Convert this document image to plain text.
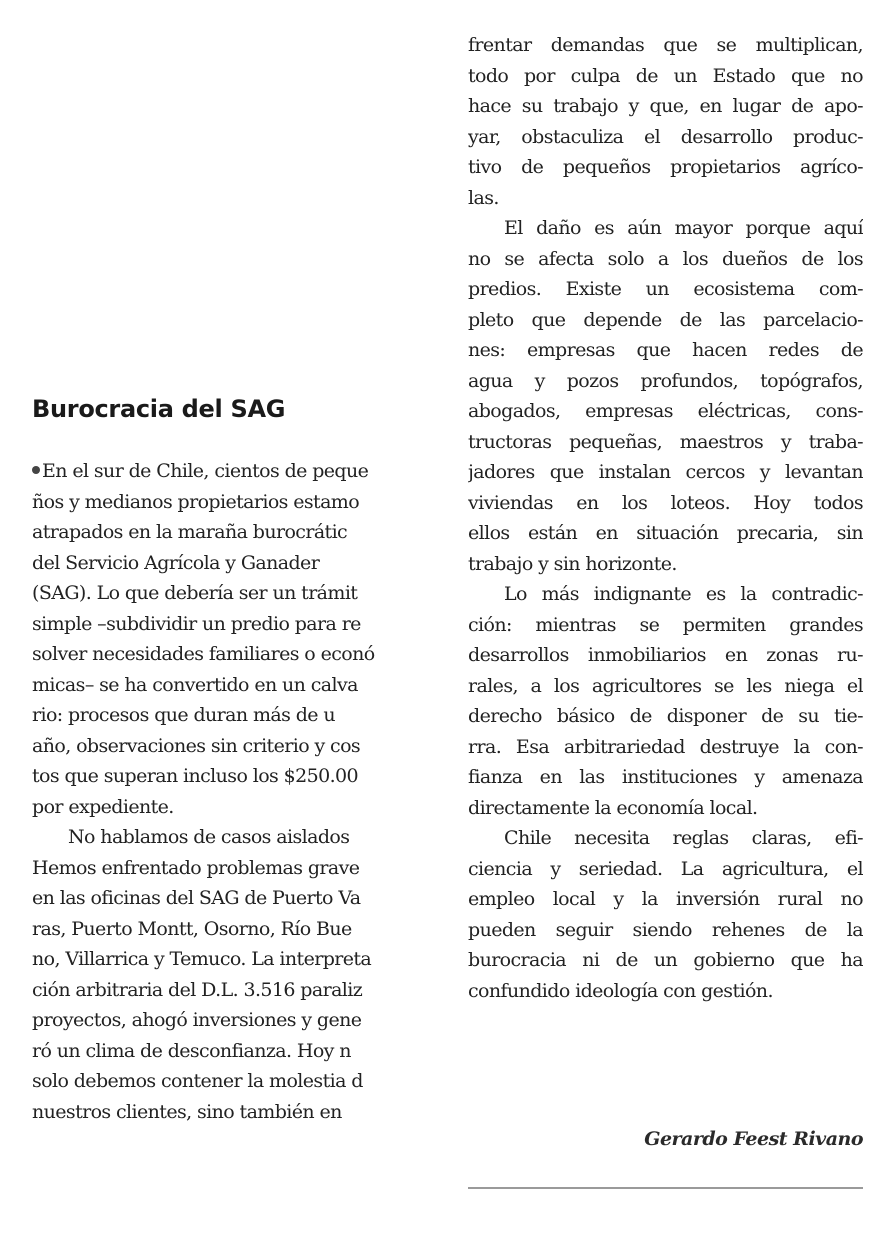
Burocracia del SAG
En el sur de Chile, cientos de peque
ños y medianos propietarios estamo
atrapados en la maraña burocrátic
del Servicio Agrícola y Ganader
(SAG). Lo que debería ser un trámit
simple –subdividir un predio para re
solver necesidades familiares o econó
micas– se ha convertido en un calva
rio: procesos que duran más de u
año, observaciones sin criterio y cos
tos que superan incluso los $250.00
por expediente.
No hablamos de casos aislados
Hemos enfrentado problemas grave
en las oficinas del SAG de Puerto Va
ras, Puerto Montt, Osorno, Río Bue
no, Villarrica y Temuco. La interpreta
ción arbitraria del D.L. 3.516 paraliz
proyectos, ahogó inversiones y gene
ró un clima de desconfianza. Hoy n
solo debemos contener la molestia d
nuestros clientes, sino también en
frentar demandas que se multiplican,
todo por culpa de un Estado que no
hace su trabajo y que, en lugar de apo-
yar, obstaculiza el desarrollo produc-
tivo de pequeños propietarios agríco-
las.
El daño es aún mayor porque aquí
no se afecta solo a los dueños de los
predios. Existe un ecosistema com-
pleto que depende de las parcelacio-
nes: empresas que hacen redes de
agua y pozos profundos, topógrafos,
abogados, empresas eléctricas, cons-
tructoras pequeñas, maestros y traba-
jadores que instalan cercos y levantan
viviendas en los loteos. Hoy todos
ellos están en situación precaria, sin
trabajo y sin horizonte.
Lo más indignante es la contradic-
ción: mientras se permiten grandes
desarrollos inmobiliarios en zonas ru-
rales, a los agricultores se les niega el
derecho básico de disponer de su tie-
rra. Esa arbitrariedad destruye la con-
fianza en las instituciones y amenaza
directamente la economía local.
Chile necesita reglas claras, efi-
ciencia y seriedad. La agricultura, el
empleo local y la inversión rural no
pueden seguir siendo rehenes de la
burocracia ni de un gobierno que ha
confundido ideología con gestión.
Gerardo Feest Rivano
